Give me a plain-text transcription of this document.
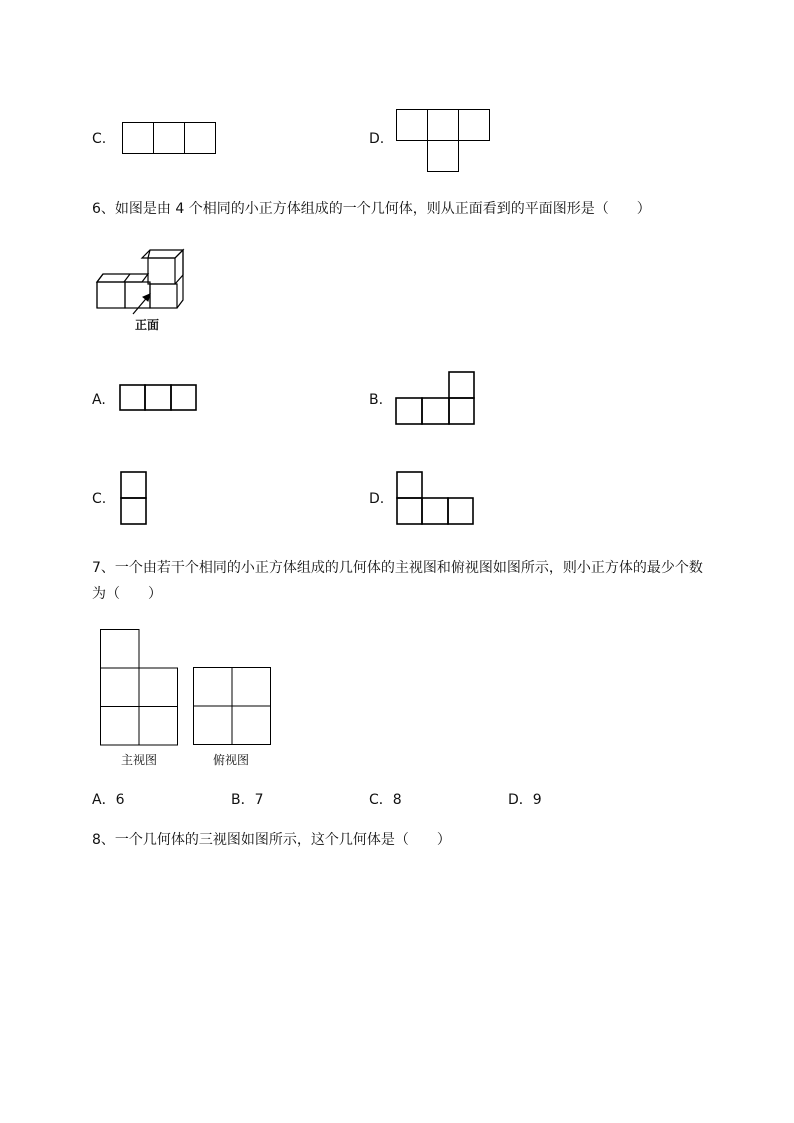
C.	D.
6、如图是由 4 个相同的小正方体组成的一个几何体，则从正面看到的平面图形是（　　）
正面
A.	B.
C.	D.
7、一个由若干个相同的小正方体组成的几何体的主视图和俯视图如图所示，则小正方体的最少个数
为（　　）
主视图	俯视图
A．6	B．7	C．8	D．9
8、一个几何体的三视图如图所示，这个几何体是（　　）
